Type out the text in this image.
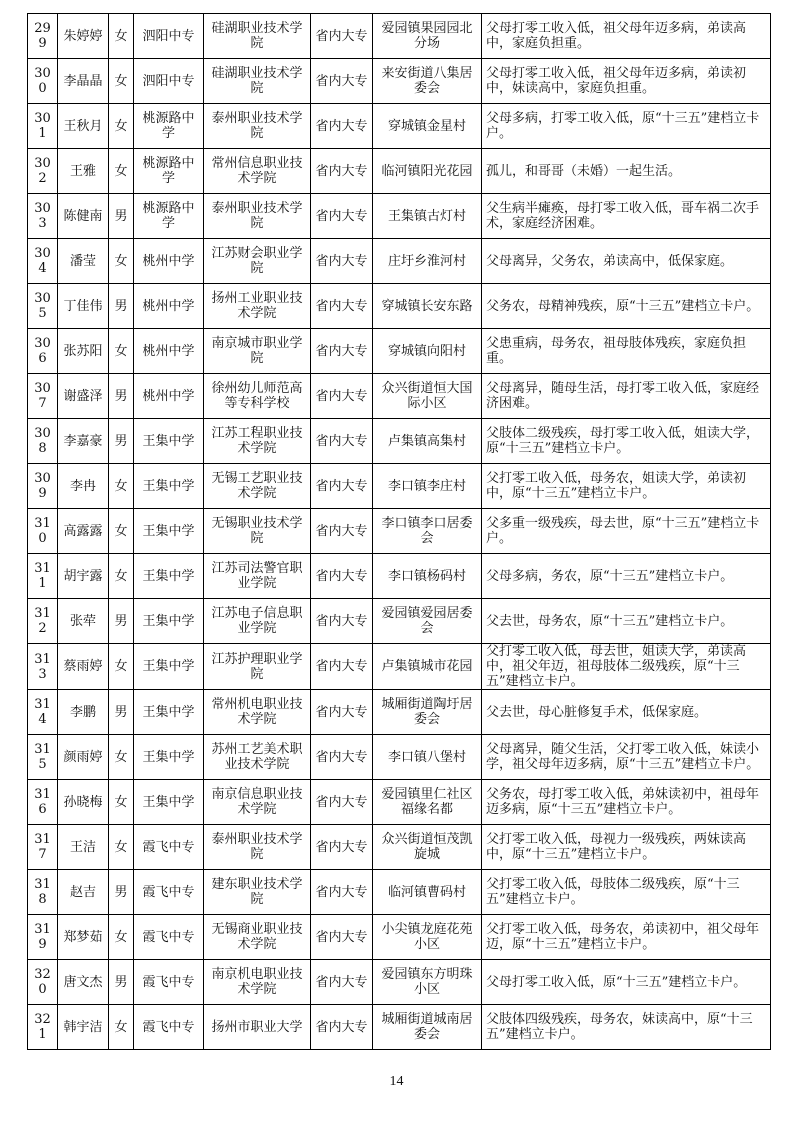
299	朱婷婷	女	泗阳中专	硅湖职业技术学院	省内大专	爱园镇果园园北分场	父母打零工收入低，祖父母年迈多病，弟读高中，家庭负担重。
300	李晶晶	女	泗阳中专	硅湖职业技术学院	省内大专	来安街道八集居委会	父母打零工收入低，祖父母年迈多病，弟读初中，妹读高中，家庭负担重。
301	王秋月	女	桃源路中学	泰州职业技术学院	省内大专	穿城镇金星村	父母多病，打零工收入低，原“十三五”建档立卡户。
302	王雅	女	桃源路中学	常州信息职业技术学院	省内大专	临河镇阳光花园	孤儿，和哥哥（未婚）一起生活。
303	陈健南	男	桃源路中学	泰州职业技术学院	省内大专	王集镇古灯村	父生病半瘫痪，母打零工收入低，哥车祸二次手术，家庭经济困难。
304	潘莹	女	桃州中学	江苏财会职业学院	省内大专	庄圩乡淮河村	父母离异，父务农，弟读高中，低保家庭。
305	丁佳伟	男	桃州中学	扬州工业职业技术学院	省内大专	穿城镇长安东路	父务农，母精神残疾，原“十三五”建档立卡户。
306	张苏阳	女	桃州中学	南京城市职业学院	省内大专	穿城镇向阳村	父患重病，母务农，祖母肢体残疾，家庭负担重。
307	谢盛泽	男	桃州中学	徐州幼儿师范高等专科学校	省内大专	众兴街道恒大国际小区	父母离异，随母生活，母打零工收入低，家庭经济困难。
308	李嘉豪	男	王集中学	江苏工程职业技术学院	省内大专	卢集镇高集村	父肢体二级残疾，母打零工收入低，姐读大学，原“十三五”建档立卡户。
309	李冉	女	王集中学	无锡工艺职业技术学院	省内大专	李口镇李庄村	父打零工收入低，母务农，姐读大学，弟读初中，原“十三五”建档立卡户。
310	高露露	女	王集中学	无锡职业技术学院	省内大专	李口镇李口居委会	父多重一级残疾，母去世，原“十三五”建档立卡户。
311	胡宇露	女	王集中学	江苏司法警官职业学院	省内大专	李口镇杨码村	父母多病，务农，原“十三五”建档立卡户。
312	张荦	男	王集中学	江苏电子信息职业学院	省内大专	爱园镇爱园居委会	父去世，母务农，原“十三五”建档立卡户。
313	蔡雨婷	女	王集中学	江苏护理职业学院	省内大专	卢集镇城市花园	父打零工收入低，母去世，姐读大学，弟读高中，祖父年迈，祖母肢体二级残疾，原“十三五”建档立卡户。
314	李鹏	男	王集中学	常州机电职业技术学院	省内大专	城厢街道陶圩居委会	父去世，母心脏修复手术，低保家庭。
315	颜雨婷	女	王集中学	苏州工艺美术职业技术学院	省内大专	李口镇八堡村	父母离异，随父生活，父打零工收入低，妹读小学，祖父母年迈多病，原“十三五”建档立卡户。
316	孙晓梅	女	王集中学	南京信息职业技术学院	省内大专	爱园镇里仁社区福缘名都	父务农，母打零工收入低，弟妹读初中，祖母年迈多病，原“十三五”建档立卡户。
317	王洁	女	霞飞中专	泰州职业技术学院	省内大专	众兴街道恒茂凯旋城	父打零工收入低，母视力一级残疾，两妹读高中，原“十三五”建档立卡户。
318	赵吉	男	霞飞中专	建东职业技术学院	省内大专	临河镇曹码村	父打零工收入低，母肢体二级残疾，原“十三五”建档立卡户。
319	郑梦茹	女	霞飞中专	无锡商业职业技术学院	省内大专	小尖镇龙庭花苑小区	父打零工收入低，母务农，弟读初中，祖父母年迈，原“十三五”建档立卡户。
320	唐文杰	男	霞飞中专	南京机电职业技术学院	省内大专	爱园镇东方明珠小区	父母打零工收入低，原“十三五”建档立卡户。
321	韩宇洁	女	霞飞中专	扬州市职业大学	省内大专	城厢街道城南居委会	父肢体四级残疾，母务农，妹读高中，原“十三五”建档立卡户。
14
